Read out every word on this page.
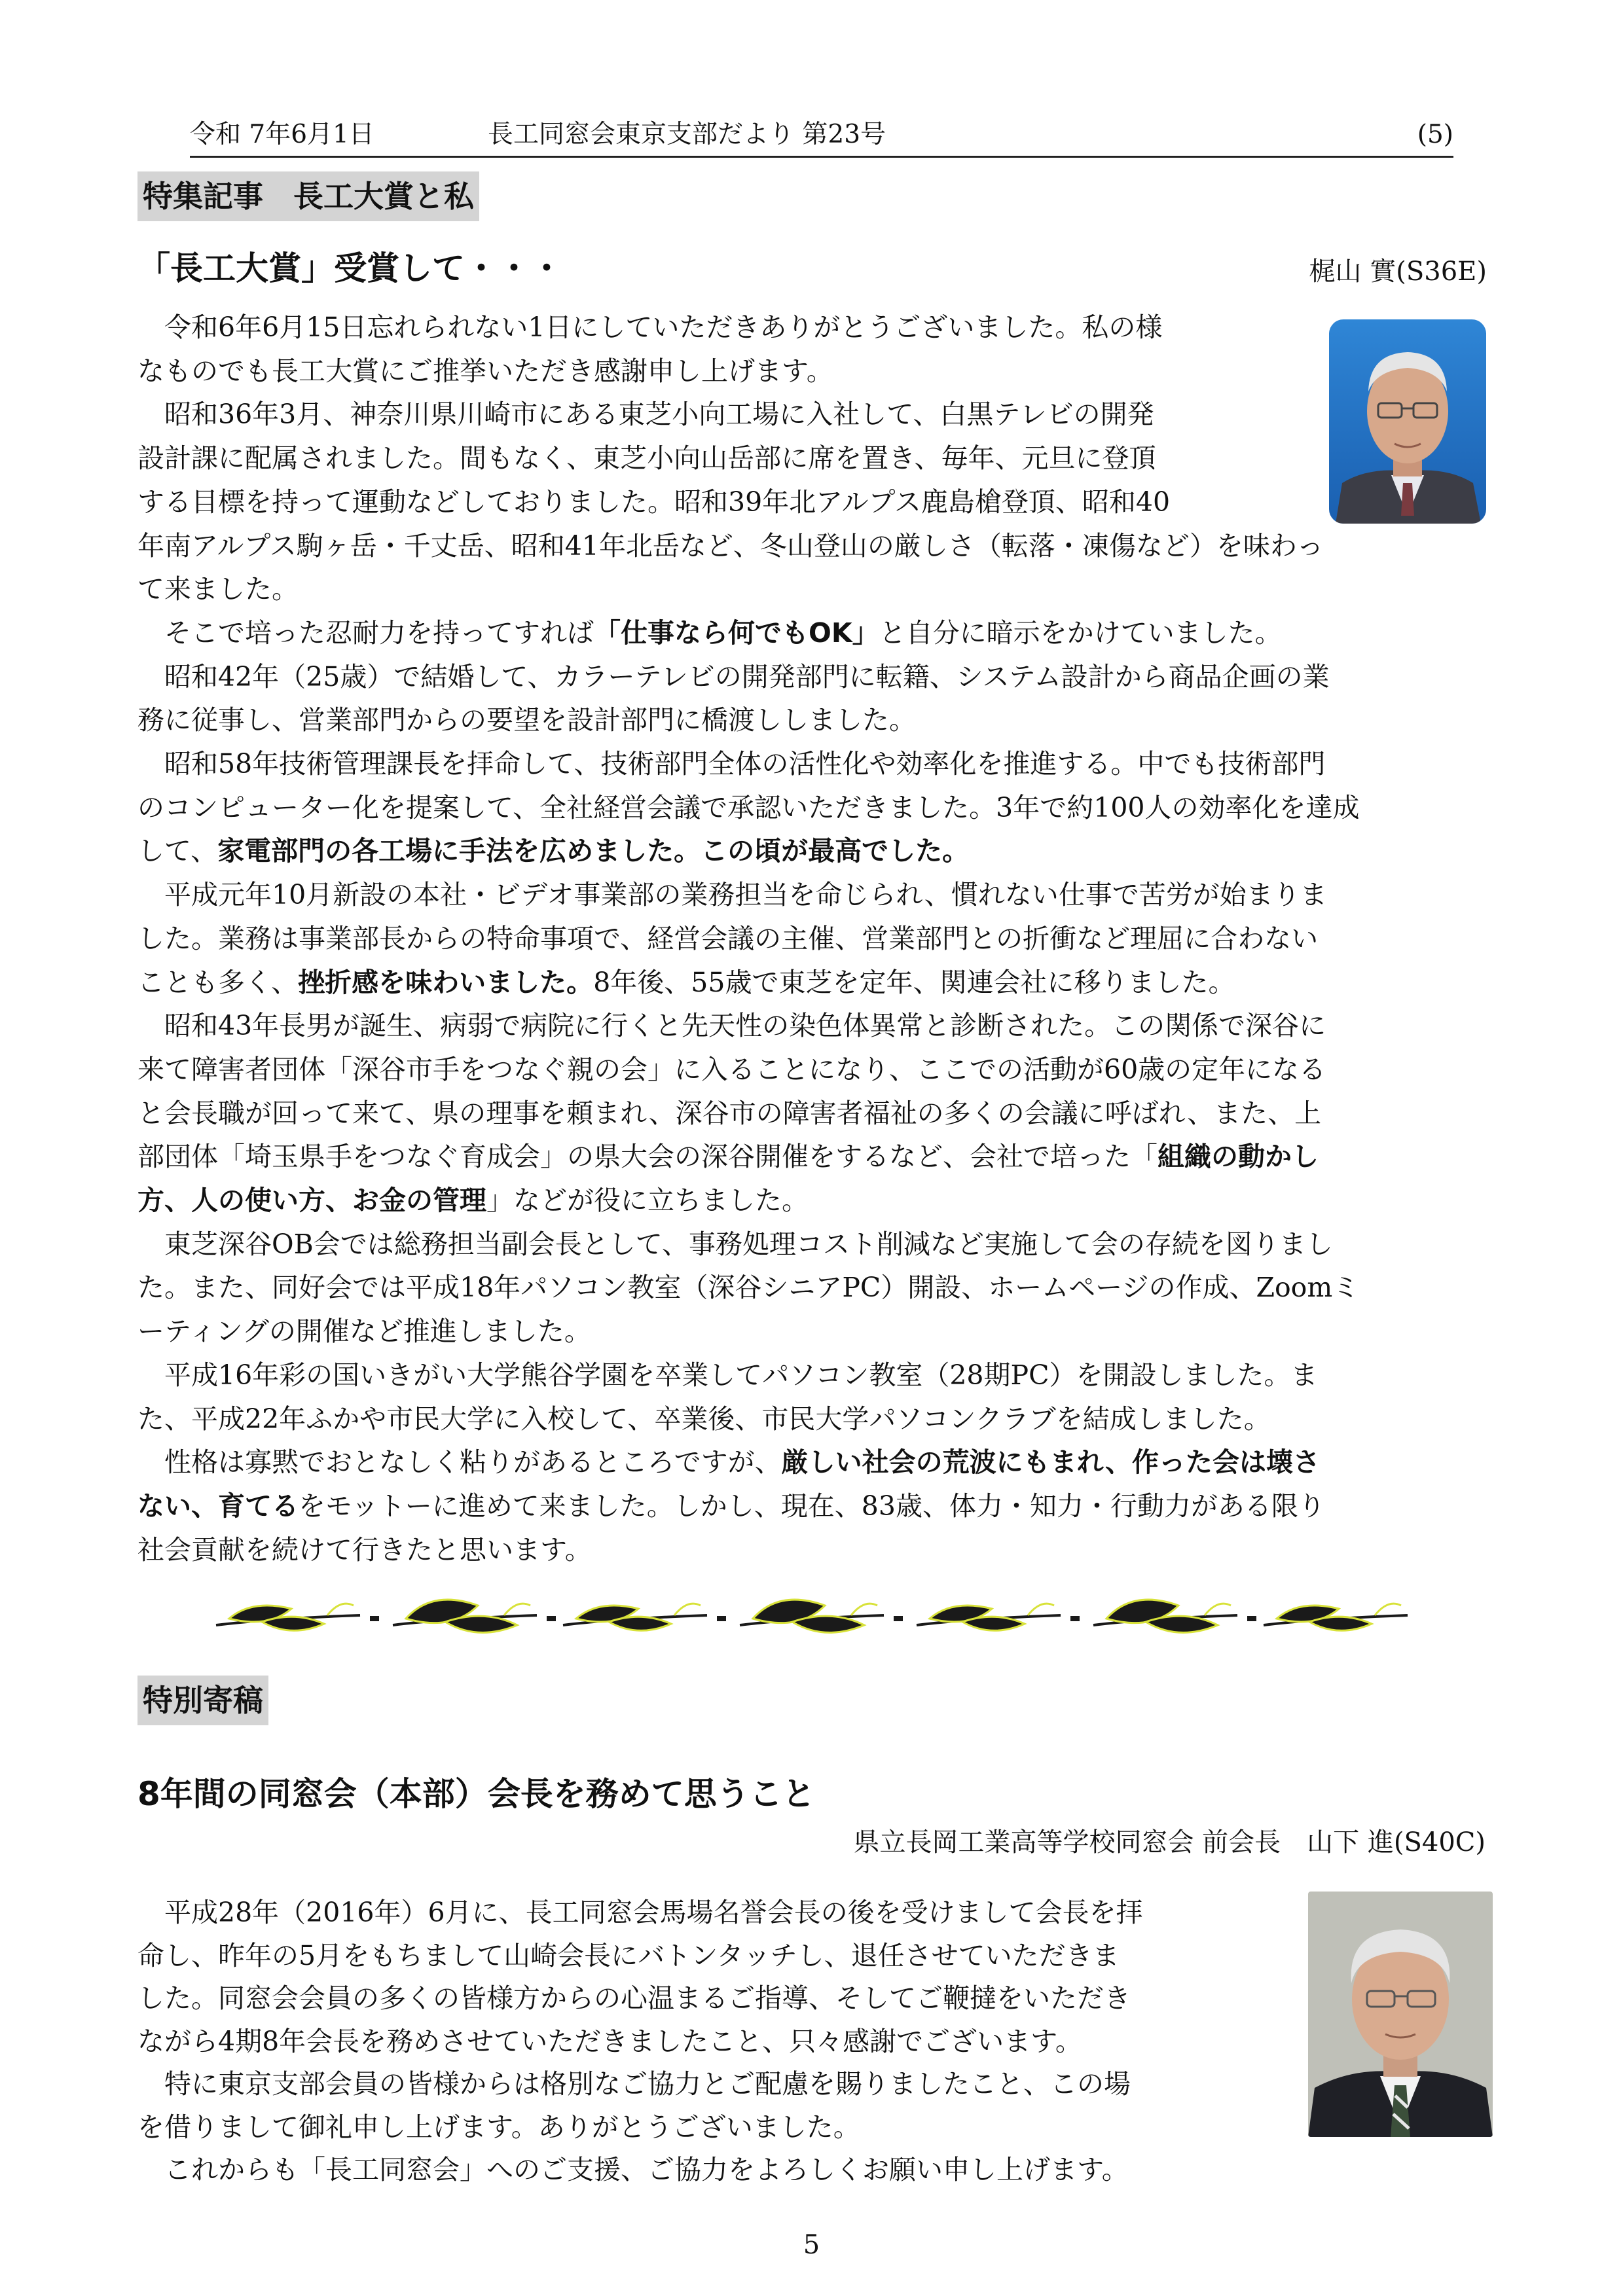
令和 7年6月1日	長工同窓会東京支部だより 第23号	(5)
特集記事　長工大賞と私
「長工大賞」受賞して・・・	梶山 實(S36E)
　令和6年6月15日忘れられない1日にしていただきありがとうございました。私の様
なものでも長工大賞にご推挙いただき感謝申し上げます。
　昭和36年3月、神奈川県川崎市にある東芝小向工場に入社して、白黒テレビの開発
設計課に配属されました。間もなく、東芝小向山岳部に席を置き、毎年、元旦に登頂
する目標を持って運動などしておりました。昭和39年北アルプス鹿島槍登頂、昭和40
年南アルプス駒ヶ岳・千丈岳、昭和41年北岳など、冬山登山の厳しさ（転落・凍傷など）を味わっ
て来ました。
　そこで培った忍耐力を持ってすれば「仕事なら何でもOK」と自分に暗示をかけていました。
　昭和42年（25歳）で結婚して、カラーテレビの開発部門に転籍、システム設計から商品企画の業
務に従事し、営業部門からの要望を設計部門に橋渡ししました。
　昭和58年技術管理課長を拝命して、技術部門全体の活性化や効率化を推進する。中でも技術部門
のコンピューター化を提案して、全社経営会議で承認いただきました。3年で約100人の効率化を達成
して、家電部門の各工場に手法を広めました。この頃が最高でした。
　平成元年10月新設の本社・ビデオ事業部の業務担当を命じられ、慣れない仕事で苦労が始まりま
した。業務は事業部長からの特命事項で、経営会議の主催、営業部門との折衝など理屈に合わない
ことも多く、挫折感を味わいました。8年後、55歳で東芝を定年、関連会社に移りました。
　昭和43年長男が誕生、病弱で病院に行くと先天性の染色体異常と診断された。この関係で深谷に
来て障害者団体「深谷市手をつなぐ親の会」に入ることになり、ここでの活動が60歳の定年になる
と会長職が回って来て、県の理事を頼まれ、深谷市の障害者福祉の多くの会議に呼ばれ、また、上
部団体「埼玉県手をつなぐ育成会」の県大会の深谷開催をするなど、会社で培った「組織の動かし
方、人の使い方、お金の管理」などが役に立ちました。
　東芝深谷OB会では総務担当副会長として、事務処理コスト削減など実施して会の存続を図りまし
た。また、同好会では平成18年パソコン教室（深谷シニアPC）開設、ホームページの作成、Zoomミ
ーティングの開催など推進しました。
　平成16年彩の国いきがい大学熊谷学園を卒業してパソコン教室（28期PC）を開設しました。ま
た、平成22年ふかや市民大学に入校して、卒業後、市民大学パソコンクラブを結成しました。
　性格は寡黙でおとなしく粘りがあるところですが、厳しい社会の荒波にもまれ、作った会は壊さ
ない、育てるをモットーに進めて来ました。しかし、現在、83歳、体力・知力・行動力がある限り
社会貢献を続けて行きたと思います。
特別寄稿
8年間の同窓会（本部）会長を務めて思うこと
県立長岡工業高等学校同窓会 前会長　山下 進(S40C)
　平成28年（2016年）6月に、長工同窓会馬場名誉会長の後を受けまして会長を拝
命し、昨年の5月をもちまして山崎会長にバトンタッチし、退任させていただきま
した。同窓会会員の多くの皆様方からの心温まるご指導、そしてご鞭撻をいただき
ながら4期8年会長を務めさせていただきましたこと、只々感謝でございます。
　特に東京支部会員の皆様からは格別なご協力とご配慮を賜りましたこと、この場
を借りまして御礼申し上げます。ありがとうございました。
　これからも「長工同窓会」へのご支援、ご協力をよろしくお願い申し上げます。
5
